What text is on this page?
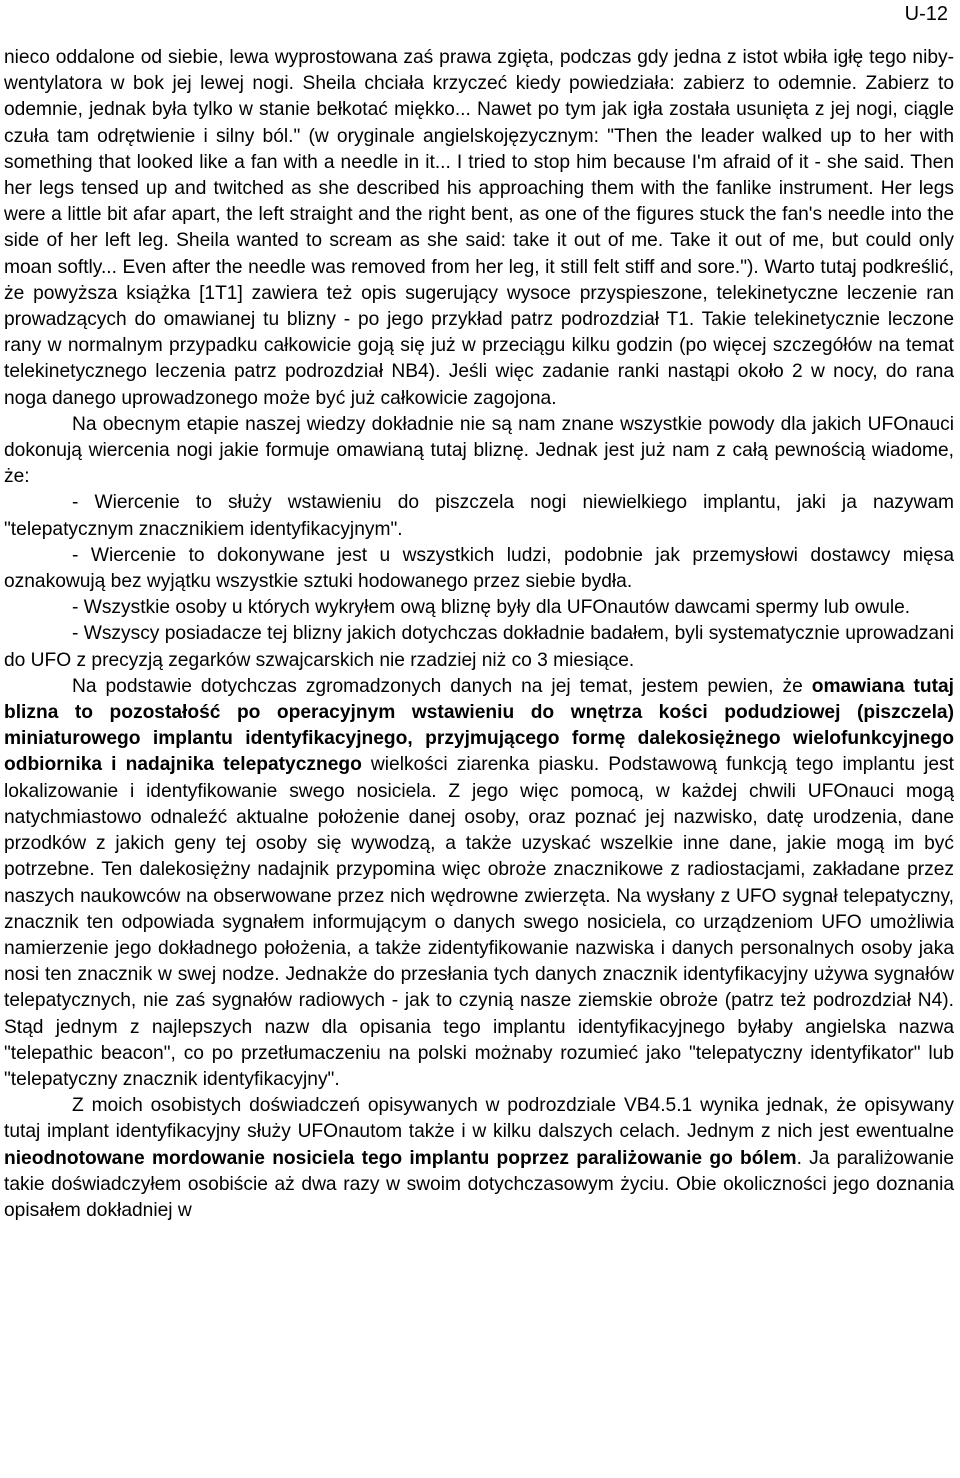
U-12

nieco oddalone od siebie, lewa wyprostowana zaś prawa zgięta, podczas gdy jedna z istot wbiła igłę tego niby-wentylatora w bok jej lewej nogi. Sheila chciała krzyczeć kiedy powiedziała: zabierz to odemnie. Zabierz to odemnie, jednak była tylko w stanie bełkotać miękko... Nawet po tym jak igła została usunięta z jej nogi, ciągle czuła tam odrętwienie i silny ból." (w oryginale angielskojęzycznym: "Then the leader walked up to her with something that looked like a fan with a needle in it... I tried to stop him because I'm afraid of it - she said. Then her legs tensed up and twitched as she described his approaching them with the fanlike instrument. Her legs were a little bit afar apart, the left straight and the right bent, as one of the figures stuck the fan's needle into the side of her left leg. Sheila wanted to scream as she said: take it out of me. Take it out of me, but could only moan softly... Even after the needle was removed from her leg, it still felt stiff and sore."). Warto tutaj podkreślić, że powyższa książka [1T1] zawiera też opis sugerujący wysoce przyspieszone, telekinetyczne leczenie ran prowadzących do omawianej tu blizny - po jego przykład patrz podrozdział T1. Takie telekinetycznie leczone rany w normalnym przypadku całkowicie goją się już w przeciągu kilku godzin (po więcej szczegółów na temat telekinetycznego leczenia patrz podrozdział NB4). Jeśli więc zadanie ranki nastąpi około 2 w nocy, do rana noga danego uprowadzonego może być już całkowicie zagojona.

Na obecnym etapie naszej wiedzy dokładnie nie są nam znane wszystkie powody dla jakich UFOnauci dokonują wiercenia nogi jakie formuje omawianą tutaj bliznę. Jednak jest już nam z całą pewnością wiadome, że:

- Wiercenie to służy wstawieniu do piszczela nogi niewielkiego implantu, jaki ja nazywam "telepatycznym znacznikiem identyfikacyjnym".

- Wiercenie to dokonywane jest u wszystkich ludzi, podobnie jak przemysłowi dostawcy mięsa oznakowują bez wyjątku wszystkie sztuki hodowanego przez siebie bydła.

- Wszystkie osoby u których wykryłem ową bliznę były dla UFOnautów dawcami spermy lub owule.

- Wszyscy posiadacze tej blizny jakich dotychczas dokładnie badałem, byli systematycznie uprowadzani do UFO z precyzją zegarków szwajcarskich nie rzadziej niż co 3 miesiące.

Na podstawie dotychczas zgromadzonych danych na jej temat, jestem pewien, że omawiana tutaj blizna to pozostałość po operacyjnym wstawieniu do wnętrza kości podudziowej (piszczela) miniaturowego implantu identyfikacyjnego, przyjmującego formę dalekosiężnego wielofunkcyjnego odbiornika i nadajnika telepatycznego wielkości ziarenka piasku. Podstawową funkcją tego implantu jest lokalizowanie i identyfikowanie swego nosiciela. Z jego więc pomocą, w każdej chwili UFOnauci mogą natychmiastowo odnaleźć aktualne położenie danej osoby, oraz poznać jej nazwisko, datę urodzenia, dane przodków z jakich geny tej osoby się wywodzą, a także uzyskać wszelkie inne dane, jakie mogą im być potrzebne. Ten dalekosiężny nadajnik przypomina więc obroże znacznikowe z radiostacjami, zakładane przez naszych naukowców na obserwowane przez nich wędrowne zwierzęta. Na wysłany z UFO sygnał telepatyczny, znacznik ten odpowiada sygnałem informującym o danych swego nosiciela, co urządzeniom UFO umożliwia namierzenie jego dokładnego położenia, a także zidentyfikowanie nazwiska i danych personalnych osoby jaka nosi ten znacznik w swej nodze. Jednakże do przesłania tych danych znacznik identyfikacyjny używa sygnałów telepatycznych, nie zaś sygnałów radiowych - jak to czynią nasze ziemskie obroże (patrz też podrozdział N4). Stąd jednym z najlepszych nazw dla opisania tego implantu identyfikacyjnego byłaby angielska nazwa "telepathic beacon", co po przetłumaczeniu na polski możnaby rozumieć jako "telepatyczny identyfikator" lub "telepatyczny znacznik identyfikacyjny".

Z moich osobistych doświadczeń opisywanych w podrozdziale VB4.5.1 wynika jednak, że opisywany tutaj implant identyfikacyjny służy UFOnautom także i w kilku dalszych celach. Jednym z nich jest ewentualne nieodnotowane mordowanie nosiciela tego implantu poprzez paraliżowanie go bólem. Ja paraliżowanie takie doświadczyłem osobiście aż dwa razy w swoim dotychczasowym życiu. Obie okoliczności jego doznania opisałem dokładniej w
